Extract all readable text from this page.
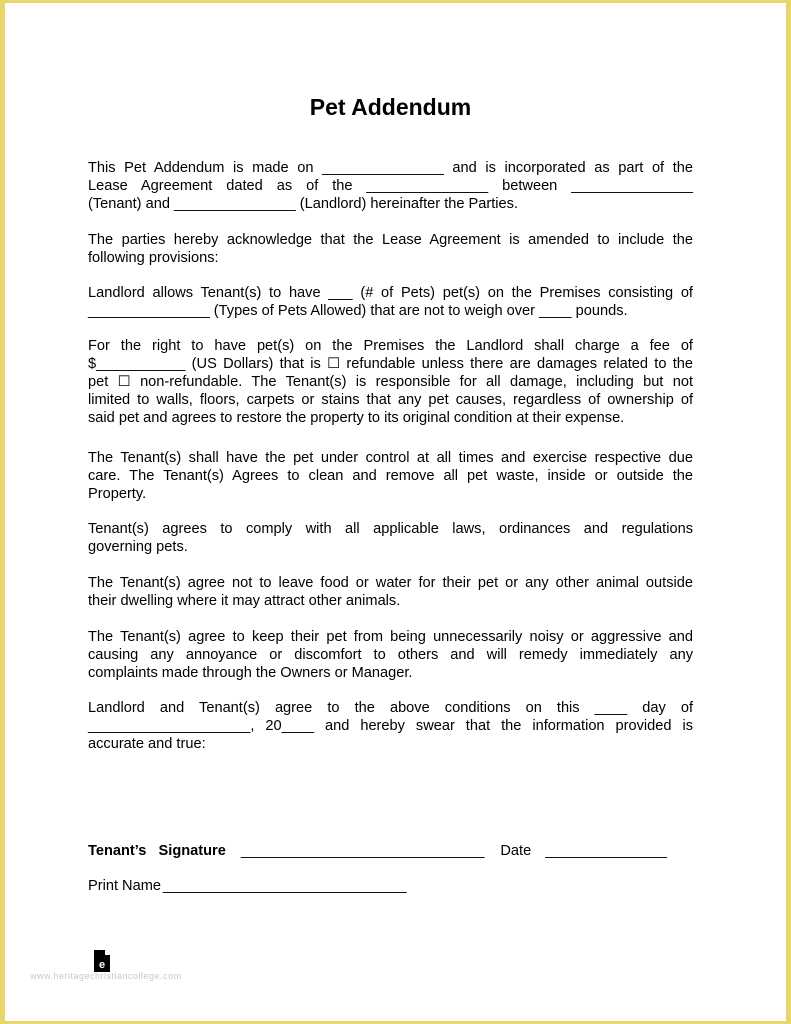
Pet Addendum
This Pet Addendum is made on _______________ and is incorporated as part of the
Lease Agreement dated as of the _______________ between _______________
(Tenant) and _______________ (Landlord) hereinafter the Parties.
The parties hereby acknowledge that the Lease Agreement is amended to include the
following provisions:
Landlord allows Tenant(s) to have ___ (# of Pets) pet(s) on the Premises consisting of
_______________ (Types of Pets Allowed) that are not to weigh over ____ pounds.
For the right to have pet(s) on the Premises the Landlord shall charge a fee of
$___________ (US Dollars) that is ☐ refundable unless there are damages related to the
pet ☐ non-refundable. The Tenant(s) is responsible for all damage, including but not
limited to walls, floors, carpets or stains that any pet causes, regardless of ownership of
said pet and agrees to restore the property to its original condition at their expense.
The Tenant(s) shall have the pet under control at all times and exercise respective due
care. The Tenant(s) Agrees to clean and remove all pet waste, inside or outside the
Property.
Tenant(s) agrees to comply with all applicable laws, ordinances and regulations
governing pets.
The Tenant(s) agree not to leave food or water for their pet or any other animal outside
their dwelling where it may attract other animals.
The Tenant(s) agree to keep their pet from being unnecessarily noisy or aggressive and
causing any annoyance or discomfort to others and will remedy immediately any
complaints made through the Owners or Manager.
Landlord and Tenant(s) agree to the above conditions on this ____ day of
____________________, 20____ and hereby swear that the information provided is
accurate and true:
Tenant’s   Signature ______________________________ Date _______________
Print Name ______________________________
e
www.heritagechristiancollege.com
